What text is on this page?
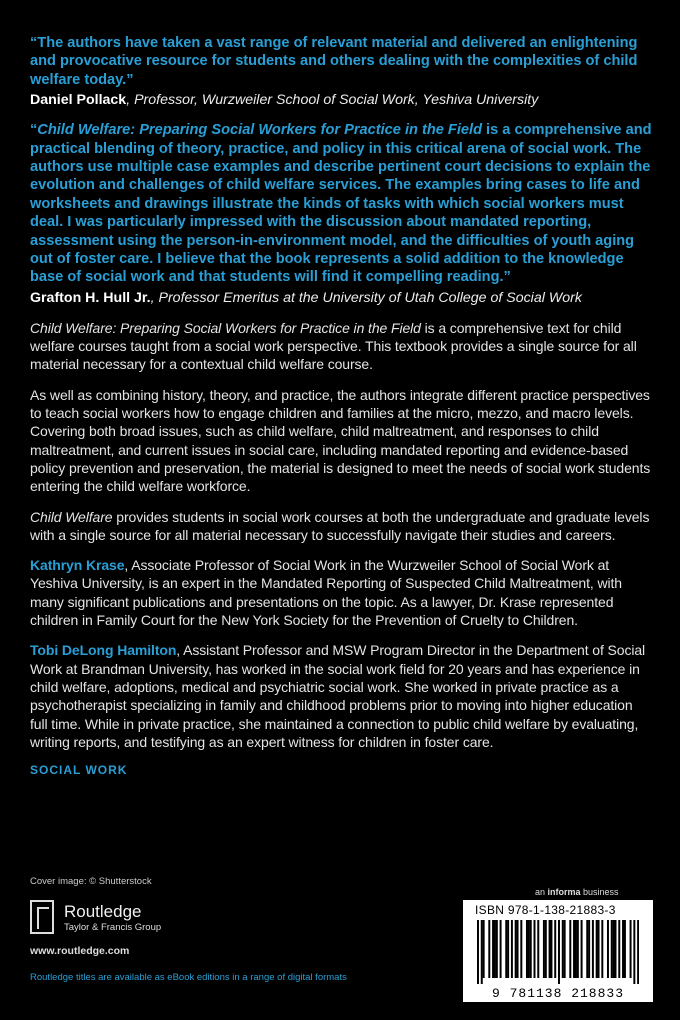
“The authors have taken a vast range of relevant material and delivered an enlightening and provocative resource for students and others dealing with the complexities of child welfare today.”

Daniel Pollack, Professor, Wurzweiler School of Social Work, Yeshiva University

“Child Welfare: Preparing Social Workers for Practice in the Field is a comprehensive and practical blending of theory, practice, and policy in this critical arena of social work. The authors use multiple case examples and describe pertinent court decisions to explain the evolution and challenges of child welfare services. The examples bring cases to life and worksheets and drawings illustrate the kinds of tasks with which social workers must deal. I was particularly impressed with the discussion about mandated reporting, assessment using the person-in-environment model, and the difficulties of youth aging out of foster care. I believe that the book represents a solid addition to the knowledge base of social work and that students will find it compelling reading.”

Grafton H. Hull Jr., Professor Emeritus at the University of Utah College of Social Work

Child Welfare: Preparing Social Workers for Practice in the Field is a comprehensive text for child welfare courses taught from a social work perspective. This textbook provides a single source for all material necessary for a contextual child welfare course.

As well as combining history, theory, and practice, the authors integrate different practice perspectives to teach social workers how to engage children and families at the micro, mezzo, and macro levels. Covering both broad issues, such as child welfare, child maltreatment, and responses to child maltreatment, and current issues in social care, including mandated reporting and evidence-based policy prevention and preservation, the material is designed to meet the needs of social work students entering the child welfare workforce.

Child Welfare provides students in social work courses at both the undergraduate and graduate levels with a single source for all material necessary to successfully navigate their studies and careers.

Kathryn Krase, Associate Professor of Social Work in the Wurzweiler School of Social Work at Yeshiva University, is an expert in the Mandated Reporting of Suspected Child Maltreatment, with many significant publications and presentations on the topic. As a lawyer, Dr. Krase represented children in Family Court for the New York Society for the Prevention of Cruelty to Children.

Tobi DeLong Hamilton, Assistant Professor and MSW Program Director in the Department of Social Work at Brandman University, has worked in the social work field for 20 years and has experience in child welfare, adoptions, medical and psychiatric social work. She worked in private practice as a psychotherapist specializing in family and childhood problems prior to moving into higher education full time. While in private practice, she maintained a connection to public child welfare by evaluating, writing reports, and testifying as an expert witness for children in foster care.

SOCIAL WORK

Cover image: © Shutterstock
Routledge
Taylor & Francis Group
www.routledge.com
Routledge titles are available as eBook editions in a range of digital formats
an informa business
ISBN 978-1-138-21883-3
9 781138 218833
